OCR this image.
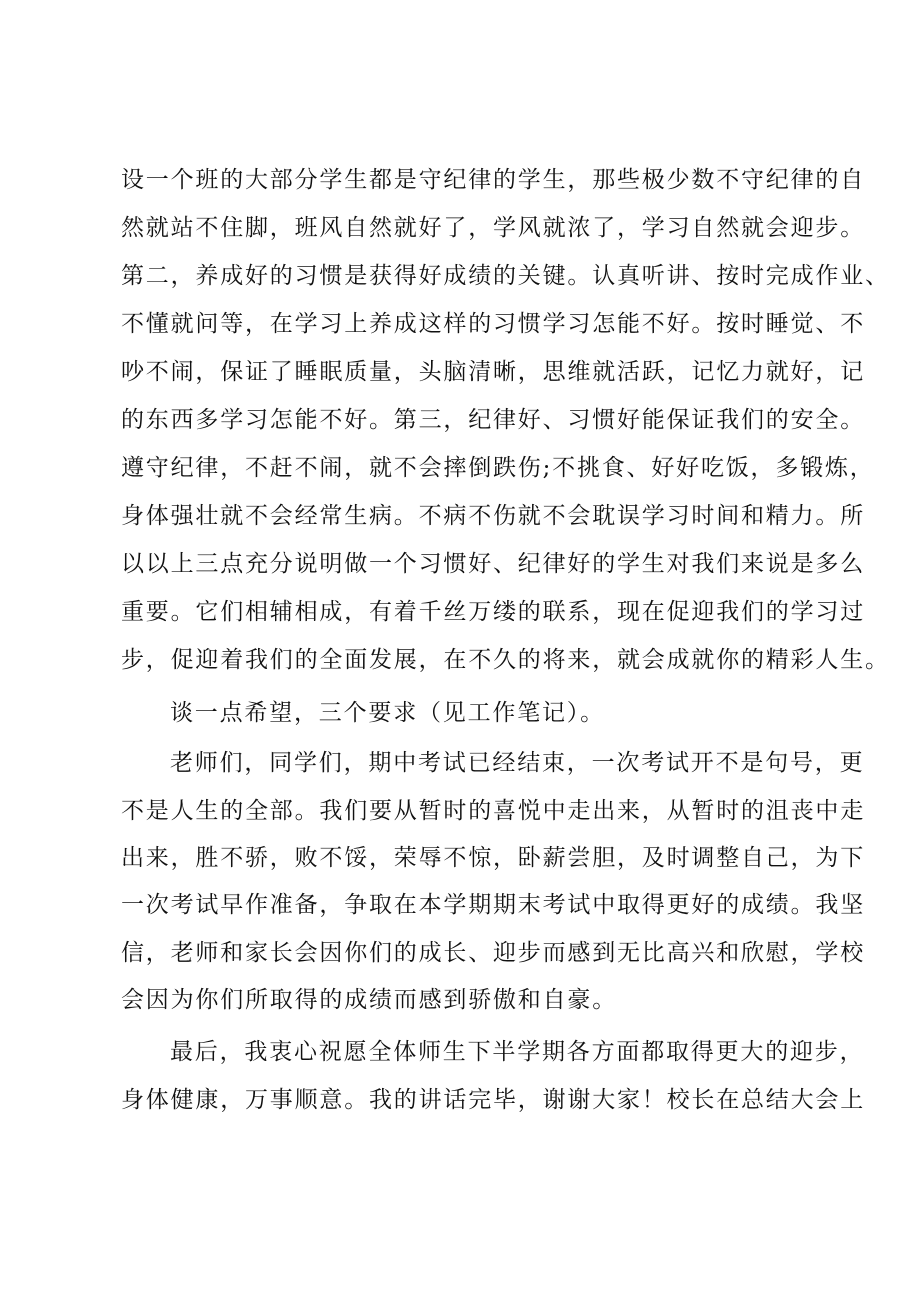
设一个班的大部分学生都是守纪律的学生，那些极少数不守纪律的自
然就站不住脚，班风自然就好了，学风就浓了，学习自然就会迎步。
第二，养成好的习惯是获得好成绩的关键。认真听讲、按时完成作业、
不懂就问等，在学习上养成这样的习惯学习怎能不好。按时睡觉、不
吵不闹，保证了睡眠质量，头脑清晰，思维就活跃，记忆力就好，记
的东西多学习怎能不好。第三，纪律好、习惯好能保证我们的安全。
遵守纪律，不赶不闹，就不会摔倒跌伤;不挑食、好好吃饭，多锻炼，
身体强壮就不会经常生病。不病不伤就不会耽误学习时间和精力。所
以以上三点充分说明做一个习惯好、纪律好的学生对我们来说是多么
重要。它们相辅相成，有着千丝万缕的联系，现在促迎我们的学习过
步，促迎着我们的全面发展，在不久的将来，就会成就你的精彩人生。
谈一点希望，三个要求（见工作笔记）。
老师们，同学们，期中考试已经结束，一次考试开不是句号，更
不是人生的全部。我们要从暂时的喜悦中走出来，从暂时的沮丧中走
出来，胜不骄，败不馁，荣辱不惊，卧薪尝胆，及时调整自己，为下
一次考试早作准备，争取在本学期期末考试中取得更好的成绩。我坚
信，老师和家长会因你们的成长、迎步而感到无比高兴和欣慰，学校
会因为你们所取得的成绩而感到骄傲和自豪。
最后，我衷心祝愿全体师生下半学期各方面都取得更大的迎步，
身体健康，万事顺意。我的讲话完毕，谢谢大家！校长在总结大会上
